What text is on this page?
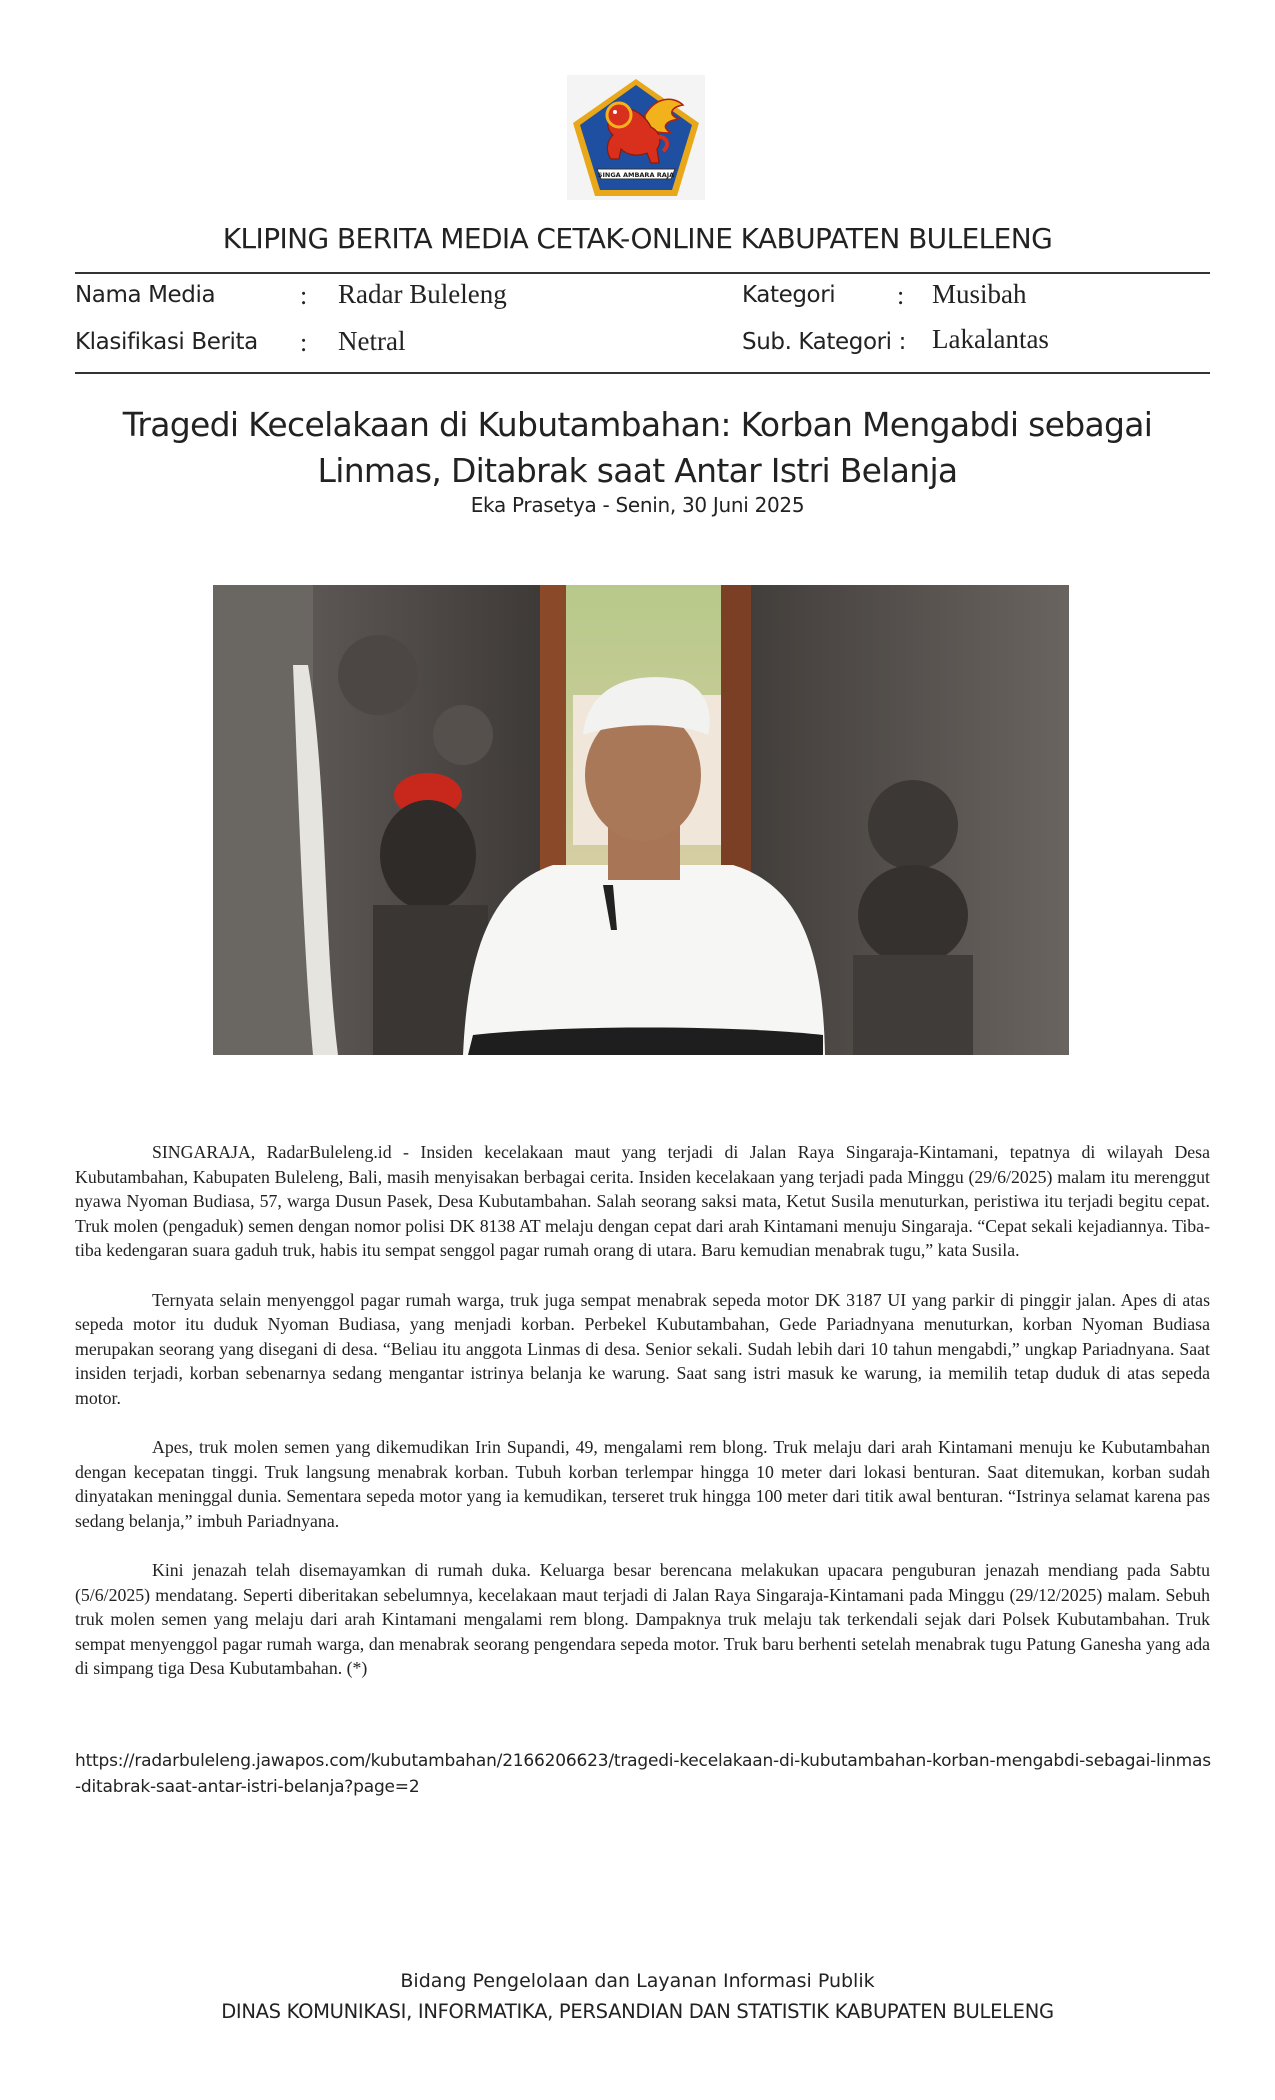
SINGA AMBARA RAJA
KLIPING BERITA MEDIA CETAK-ONLINE KABUPATEN BULELENG
Nama Media	: Radar Buleleng	Kategori : Musibah
Klasifikasi Berita : Netral	Sub. Kategori : Lakalantas
Tragedi Kecelakaan di Kubutambahan: Korban Mengabdi sebagai
Linmas, Ditabrak saat Antar Istri Belanja
Eka Prasetya - Senin, 30 Juni 2025

SINGARAJA, RadarBuleleng.id - Insiden kecelakaan maut yang terjadi di Jalan Raya Singaraja-Kintamani, tepatnya di wilayah Desa Kubutambahan, Kabupaten Buleleng, Bali, masih menyisakan berbagai cerita. Insiden kecelakaan yang terjadi pada Minggu (29/6/2025) malam itu merenggut nyawa Nyoman Budiasa, 57, warga Dusun Pasek, Desa Kubutambahan. Salah seorang saksi mata, Ketut Susila menuturkan, peristiwa itu terjadi begitu cepat. Truk molen (pengaduk) semen dengan nomor polisi DK 8138 AT melaju dengan cepat dari arah Kintamani menuju Singaraja. “Cepat sekali kejadiannya. Tiba-tiba kedengaran suara gaduh truk, habis itu sempat senggol pagar rumah orang di utara. Baru kemudian menabrak tugu,” kata Susila.

Ternyata selain menyenggol pagar rumah warga, truk juga sempat menabrak sepeda motor DK 3187 UI yang parkir di pinggir jalan. Apes di atas sepeda motor itu duduk Nyoman Budiasa, yang menjadi korban. Perbekel Kubutambahan, Gede Pariadnyana menuturkan, korban Nyoman Budiasa merupakan seorang yang disegani di desa. “Beliau itu anggota Linmas di desa. Senior sekali. Sudah lebih dari 10 tahun mengabdi,” ungkap Pariadnyana. Saat insiden terjadi, korban sebenarnya sedang mengantar istrinya belanja ke warung. Saat sang istri masuk ke warung, ia memilih tetap duduk di atas sepeda motor.

Apes, truk molen semen yang dikemudikan Irin Supandi, 49, mengalami rem blong. Truk melaju dari arah Kintamani menuju ke Kubutambahan dengan kecepatan tinggi. Truk langsung menabrak korban. Tubuh korban terlempar hingga 10 meter dari lokasi benturan. Saat ditemukan, korban sudah dinyatakan meninggal dunia. Sementara sepeda motor yang ia kemudikan, terseret truk hingga 100 meter dari titik awal benturan. “Istrinya selamat karena pas sedang belanja,” imbuh Pariadnyana.

Kini jenazah telah disemayamkan di rumah duka. Keluarga besar berencana melakukan upacara penguburan jenazah mendiang pada Sabtu (5/6/2025) mendatang. Seperti diberitakan sebelumnya, kecelakaan maut terjadi di Jalan Raya Singaraja-Kintamani pada Minggu (29/12/2025) malam. Sebuh truk molen semen yang melaju dari arah Kintamani mengalami rem blong. Dampaknya truk melaju tak terkendali sejak dari Polsek Kubutambahan. Truk sempat menyenggol pagar rumah warga, dan menabrak seorang pengendara sepeda motor. Truk baru berhenti setelah menabrak tugu Patung Ganesha yang ada di simpang tiga Desa Kubutambahan. (*)

https://radarbuleleng.jawapos.com/kubutambahan/2166206623/tragedi-kecelakaan-di-kubutambahan-korban-mengabdi-sebagai-linmas-ditabrak-saat-antar-istri-belanja?page=2
Bidang Pengelolaan dan Layanan Informasi Publik
DINAS KOMUNIKASI, INFORMATIKA, PERSANDIAN DAN STATISTIK KABUPATEN BULELENG
